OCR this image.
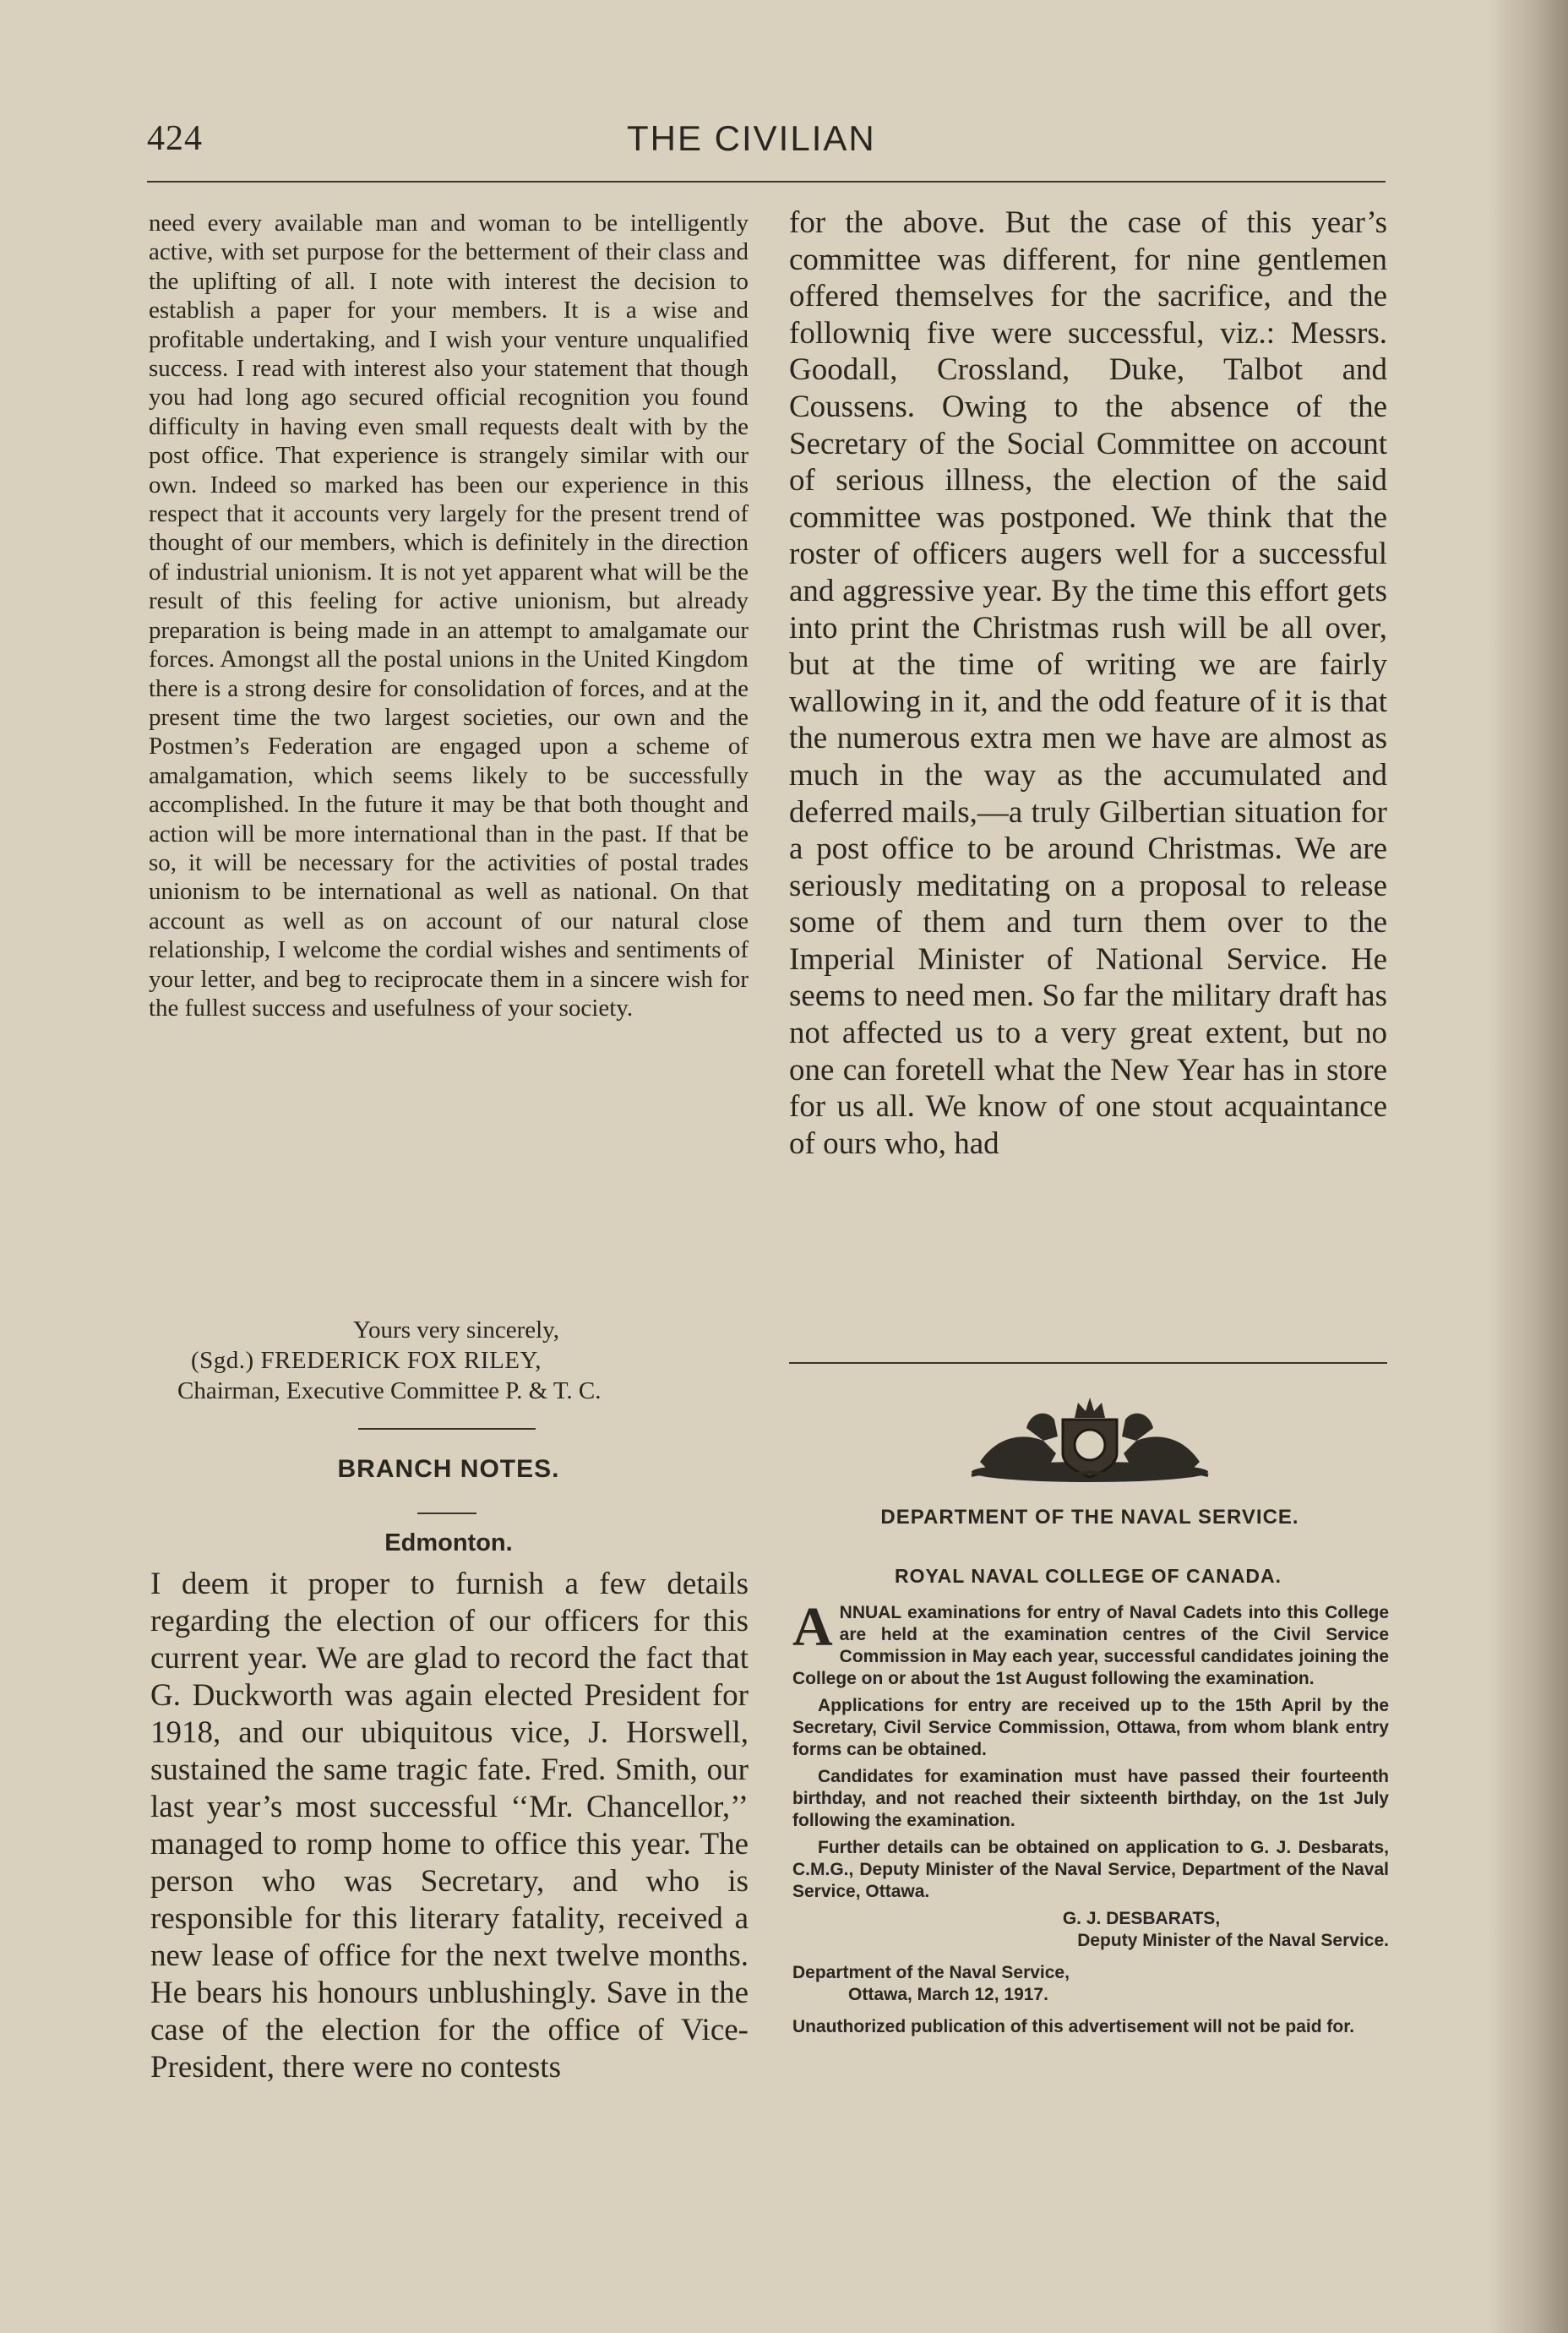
424	THE CIVILIAN

need every available man and woman to be intelligently active, with set purpose for the betterment of their class and the uplifting of all. I note with interest the decision to establish a paper for your members. It is a wise and profitable undertaking, and I wish your venture unqualified success. I read with interest also your statement that though you had long ago secured official recognition you found difficulty in having even small requests dealt with by the post office. That experience is strangely similar with our own. Indeed so marked has been our experience in this respect that it accounts very largely for the present trend of thought of our members, which is definitely in the direction of industrial unionism. It is not yet apparent what will be the result of this feeling for active unionism, but already preparation is being made in an attempt to amalgamate our forces. Amongst all the postal unions in the United Kingdom there is a strong desire for consolidation of forces, and at the present time the two largest societies, our own and the Postmen’s Federation are engaged upon a scheme of amalgamation, which seems likely to be successfully accomplished. In the future it may be that both thought and action will be more international than in the past. If that be so, it will be necessary for the activities of postal trades unionism to be international as well as national. On that account as well as on account of our natural close relationship, I welcome the cordial wishes and sentiments of your letter, and beg to reciprocate them in a sincere wish for the fullest success and usefulness of your society.

Yours very sincerely,
(Sgd.) FREDERICK FOX RILEY,
Chairman, Executive Committee P. & T. C.
BRANCH NOTES.
Edmonton.

I deem it proper to furnish a few details regarding the election of our officers for this current year. We are glad to record the fact that G. Duckworth was again elected President for 1918, and our ubiquitous vice, J. Horswell, sustained the same tragic fate. Fred. Smith, our last year’s most successful ‘‘Mr. Chancellor,’’ managed to romp home to office this year. The person who was Secretary, and who is responsible for this literary fatality, received a new lease of office for the next twelve months. He bears his honours unblushingly. Save in the case of the election for the office of Vice-President, there were no contests

for the above. But the case of this year’s committee was different, for nine gentlemen offered themselves for the sacrifice, and the followniq five were successful, viz.: Messrs. Goodall, Crossland, Duke, Talbot and Coussens. Owing to the absence of the Secretary of the Social Committee on account of serious illness, the election of the said committee was postponed. We think that the roster of officers augers well for a successful and aggressive year. By the time this effort gets into print the Christmas rush will be all over, but at the time of writing we are fairly wallowing in it, and the odd feature of it is that the numerous extra men we have are almost as much in the way as the accumulated and deferred mails,—a truly Gilbertian situation for a post office to be around Christmas. We are seriously meditating on a proposal to release some of them and turn them over to the Imperial Minister of National Service. He seems to need men. So far the military draft has not affected us to a very great extent, but no one can foretell what the New Year has in store for us all. We know of one stout acquaintance of ours who, had

DEPARTMENT OF THE NAVAL SERVICE.
ROYAL NAVAL COLLEGE OF CANADA.

ANNUAL examinations for entry of Naval Cadets into this College are held at the examination centres of the Civil Service Commission in May each year, successful candidates joining the College on or about the 1st August following the examination.

Applications for entry are received up to the 15th April by the Secretary, Civil Service Commission, Ottawa, from whom blank entry forms can be obtained.

Candidates for examination must have passed their fourteenth birthday, and not reached their sixteenth birthday, on the 1st July following the examination.

Further details can be obtained on application to G. J. Desbarats, C.M.G., Deputy Minister of the Naval Service, Department of the Naval Service, Ottawa.

G. J. DESBARATS,

Deputy Minister of the Naval Service.

Department of the Naval Service,

Ottawa, March 12, 1917.

Unauthorized publication of this advertisement will not be paid for.
